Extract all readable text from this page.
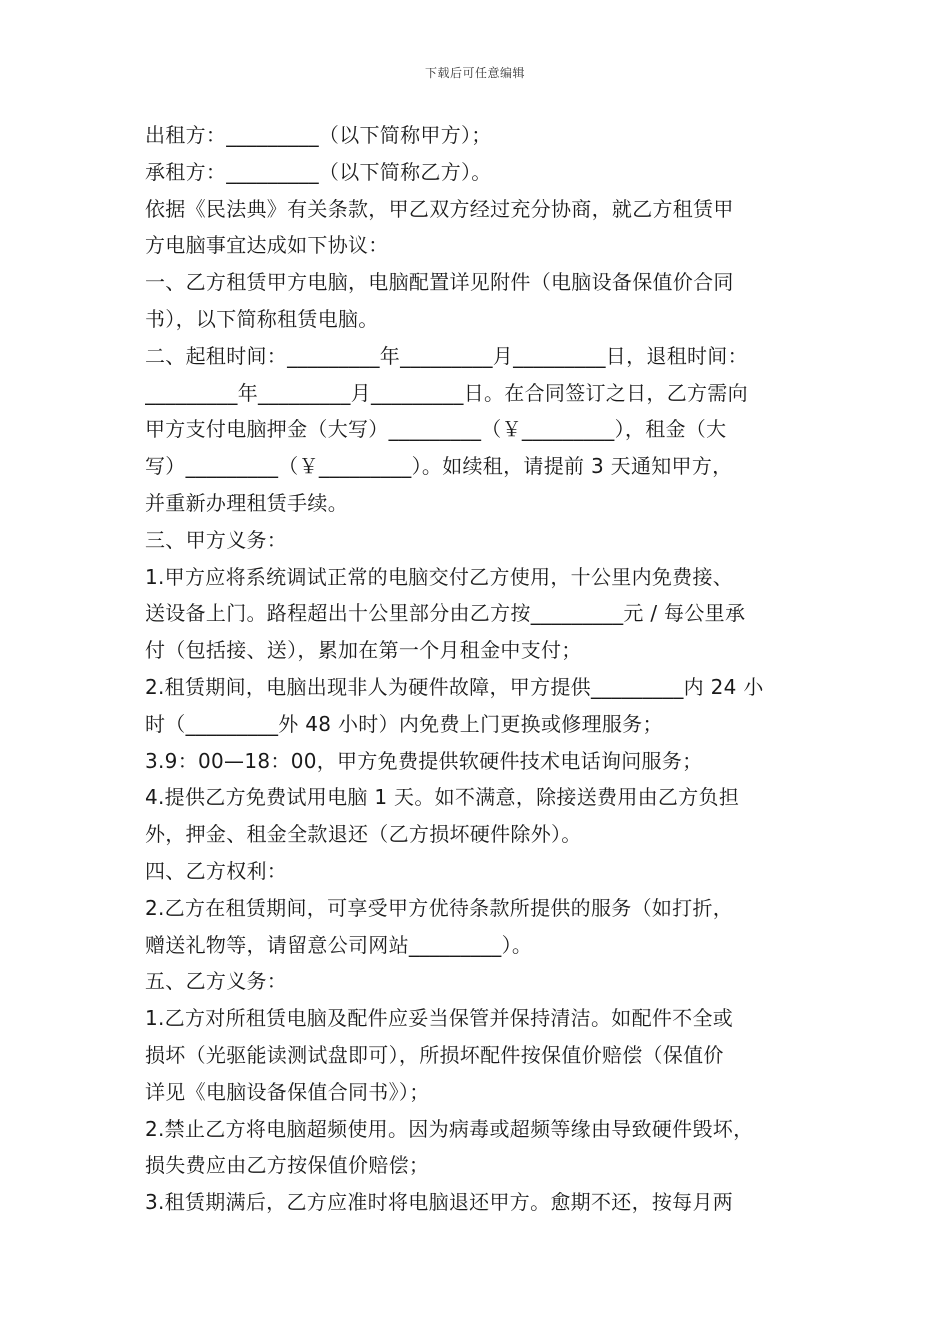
下载后可任意编辑

出租方：_________（以下简称甲方）；

承租方：_________（以下简称乙方）。

依据《民法典》有关条款，甲乙双方经过充分协商，就乙方租赁甲

方电脑事宜达成如下协议：

一、乙方租赁甲方电脑，电脑配置详见附件（电脑设备保值价合同

书），以下简称租赁电脑。

二、起租时间：_________年_________月_________日，退租时间：

_________年_________月_________日。在合同签订之日，乙方需向

甲方支付电脑押金（大写）_________（￥_________），租金（大

写）_________（￥_________）。如续租，请提前 3 天通知甲方，

并重新办理租赁手续。

三、甲方义务：

1.甲方应将系统调试正常的电脑交付乙方使用，十公里内免费接、

送设备上门。路程超出十公里部分由乙方按_________元 / 每公里承

付（包括接、送），累加在第一个月租金中支付；

2.租赁期间，电脑出现非人为硬件故障，甲方提供_________内 24 小

时（_________外 48 小时）内免费上门更换或修理服务；

3.9：00—18：00，甲方免费提供软硬件技术电话询问服务；

4.提供乙方免费试用电脑 1 天。如不满意，除接送费用由乙方负担

外，押金、租金全款退还（乙方损坏硬件除外）。

四、乙方权利：

2.乙方在租赁期间，可享受甲方优待条款所提供的服务（如打折，

赠送礼物等，请留意公司网站_________）。

五、乙方义务：

1.乙方对所租赁电脑及配件应妥当保管并保持清洁。如配件不全或

损坏（光驱能读测试盘即可），所损坏配件按保值价赔偿（保值价

详见《电脑设备保值合同书》）；

2.禁止乙方将电脑超频使用。因为病毒或超频等缘由导致硬件毁坏，

损失费应由乙方按保值价赔偿；

3.租赁期满后，乙方应准时将电脑退还甲方。愈期不还，按每月两
